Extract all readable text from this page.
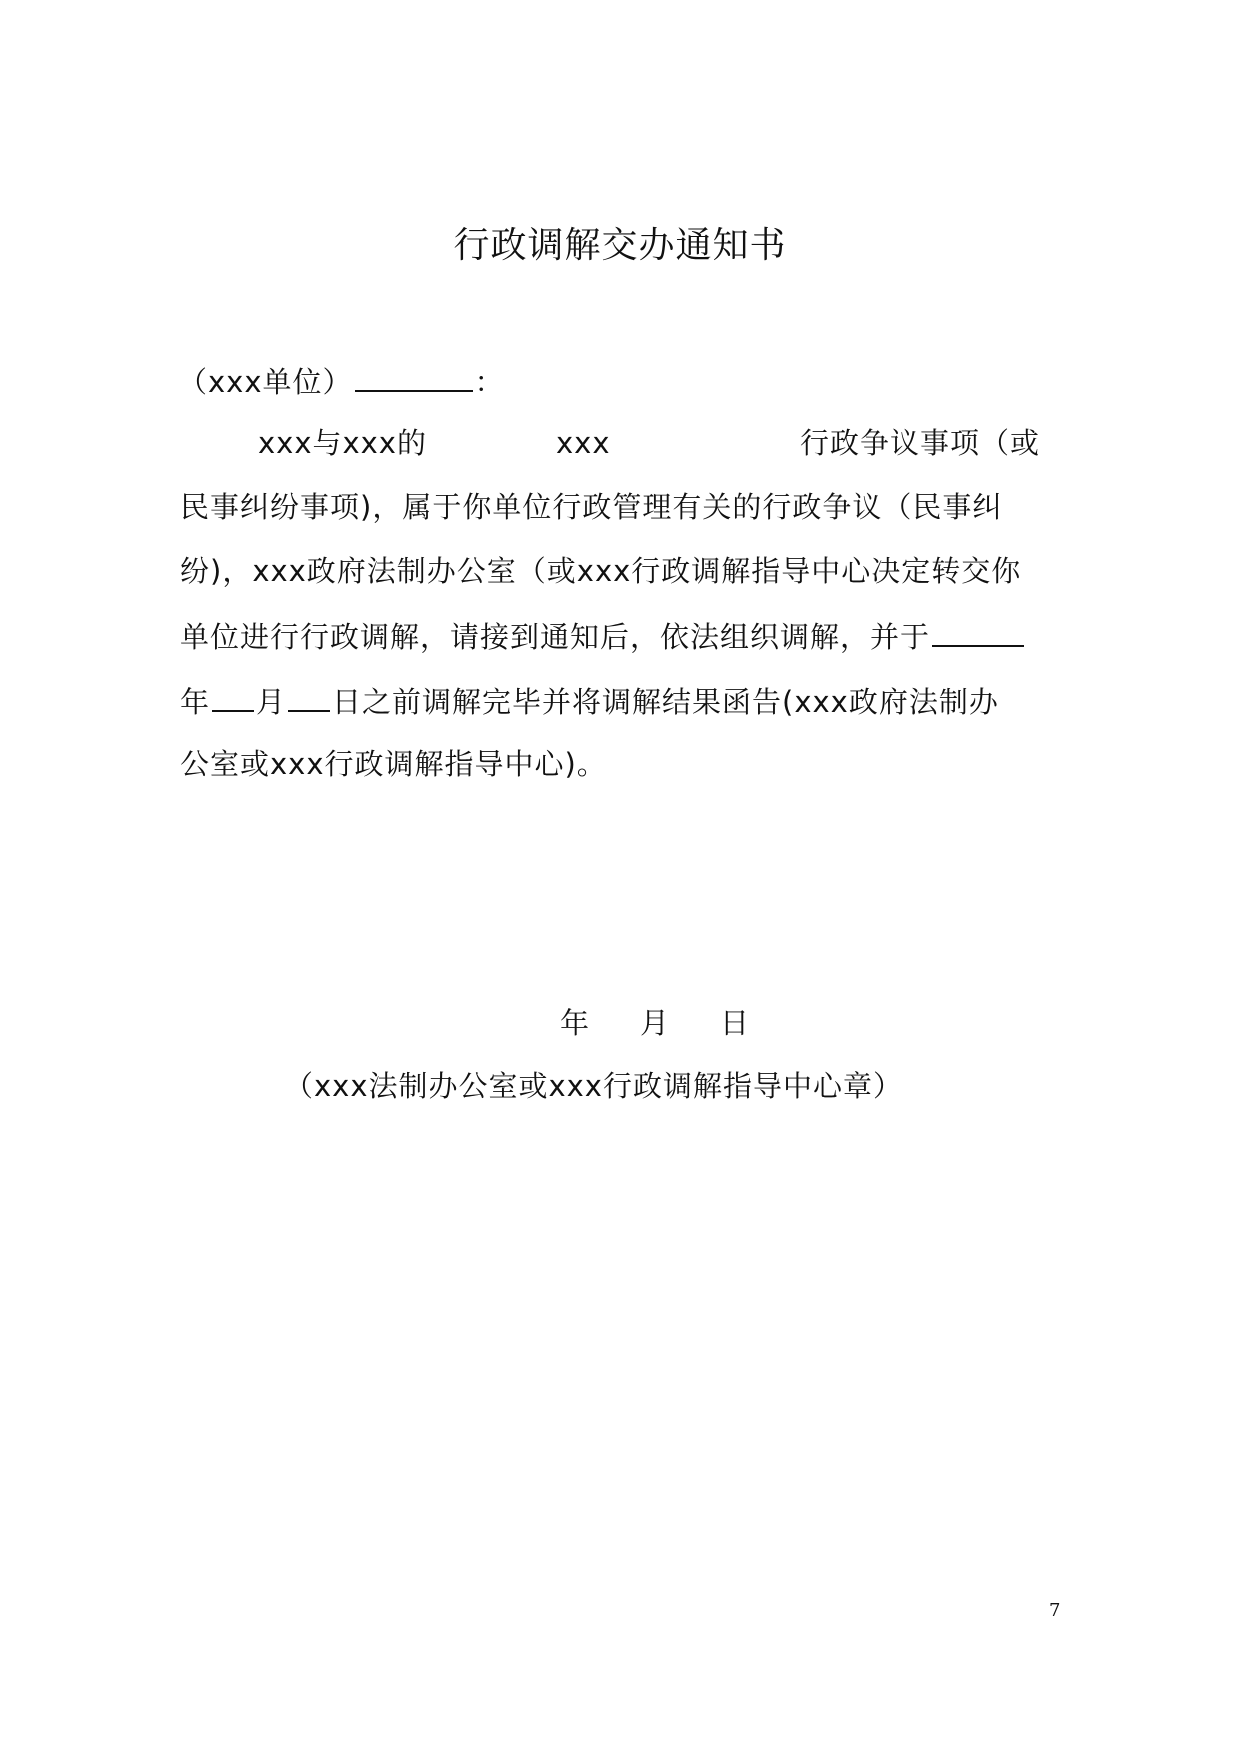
行政调解交办通知书
（xxx单位）	：
xxx与xxx的	xxx	行政争议事项（或
民事纠纷事项)，属于你单位行政管理有关的行政争议（民事纠
纷)，xxx政府法制办公室（或xxx行政调解指导中心决定转交你
单位进行行政调解，请接到通知后，依法组织调解，并于
年 月 日之前调解完毕并将调解结果函告(xxx政府法制办
公室或xxx行政调解指导中心)。
年 月 日
（xxx法制办公室或xxx行政调解指导中心章）
7
